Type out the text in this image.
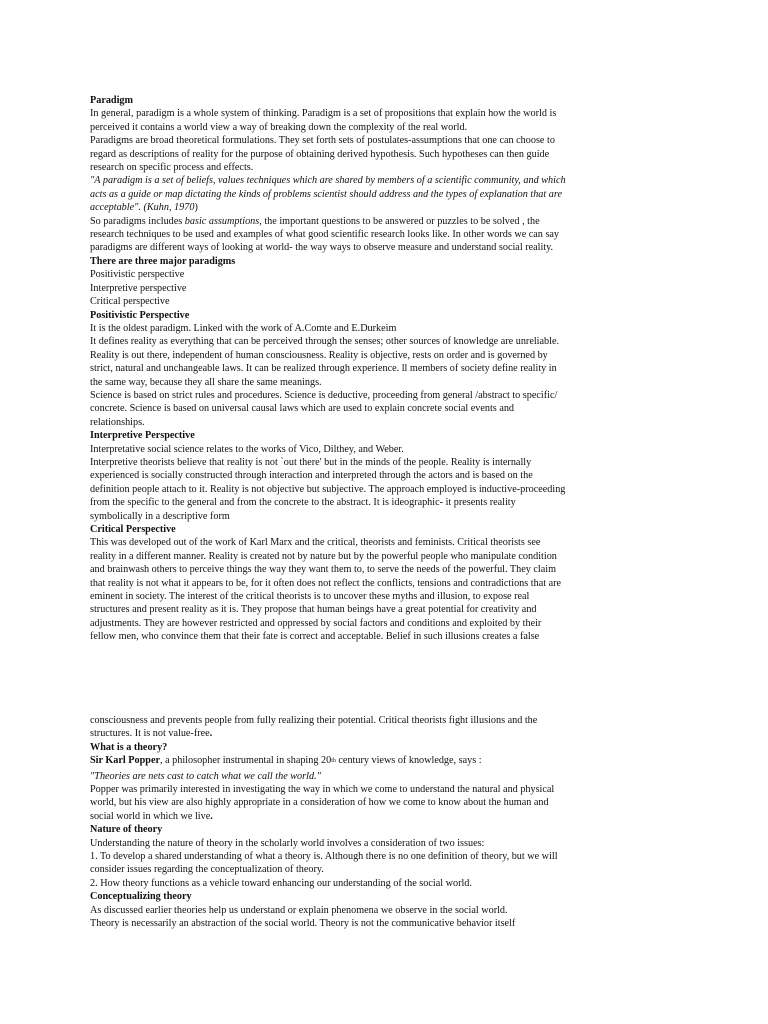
Paradigm

In general, paradigm is a whole system of thinking. Paradigm is a set of propositions that explain how the world is perceived it contains a world view a way of breaking down the complexity of the real world.

Paradigms are broad theoretical formulations. They set forth sets of postulates-assumptions that one can choose to regard as descriptions of reality for the purpose of obtaining derived hypothesis. Such hypotheses can then guide research on specific process and effects.

"A paradigm is a set of beliefs, values techniques which are shared by members of a scientific community, and which acts as a guide or map dictating the kinds of problems scientist should address and the types of explanation that are acceptable". (Kuhn, 1970)

So paradigms includes basic assumptions, the important questions to be answered or puzzles to be solved , the research techniques to be used and examples of what good scientific research looks like. In other words we can say paradigms are different ways of looking at world- the way ways to observe measure and understand social reality.

There are three major paradigms

Positivistic perspective

Interpretive perspective

Critical perspective

Positivistic Perspective

It is the oldest paradigm. Linked with the work of A.Comte and E.Durkeim

It defines reality as everything that can be perceived through the senses; other sources of knowledge are unreliable. Reality is out there, independent of human consciousness. Reality is objective, rests on order and is governed by strict, natural and unchangeable laws. It can be realized through experience. ll members of society define reality in the same way, because they all share the same meanings.

Science is based on strict rules and procedures. Science is deductive, proceeding from general /abstract to specific/ concrete. Science is based on universal causal laws which are used to explain concrete social events and relationships.

Interpretive Perspective

Interpretative social science relates to the works of Vico, Dilthey, and Weber.

Interpretive theorists believe that reality is not `out there' but in the minds of the people. Reality is internally experienced is socially constructed through interaction and interpreted through the actors and is based on the definition people attach to it. Reality is not objective but subjective. The approach employed is inductive-proceeding from the specific to the general and from the concrete to the abstract. It is ideographic- it presents reality symbolically in a descriptive form

Critical Perspective

This was developed out of the work of Karl Marx and the critical, theorists and feminists. Critical theorists see reality in a different manner. Reality is created not by nature but by the powerful people who manipulate condition and brainwash others to perceive things the way they want them to, to serve the needs of the powerful. They claim that reality is not what it appears to be, for it often does not reflect the conflicts, tensions and contradictions that are eminent in society. The interest of the critical theorists is to uncover these myths and illusion, to expose real structures and present reality as it is. They propose that human beings have a great potential for creativity and adjustments. They are however restricted and oppressed by social factors and conditions and exploited by their fellow men, who convince them that their fate is correct and acceptable. Belief in such illusions creates a false

consciousness and prevents people from fully realizing their potential. Critical theorists fight illusions and the structures. It is not value-free.

What is a theory?

Sir Karl Popper, a philosopher instrumental in shaping 20th century views of knowledge, says :

"Theories are nets cast to catch what we call the world."

Popper was primarily interested in investigating the way in which we come to understand the natural and physical world, but his view are also highly appropriate in a consideration of how we come to know about the human and social world in which we live.

Nature of theory

Understanding the nature of theory in the scholarly world involves a consideration of two issues:

1. To develop a shared understanding of what a theory is. Although there is no one definition of theory, but we will consider issues regarding the conceptualization of theory.

2. How theory functions as a vehicle toward enhancing our understanding of the social world.

Conceptualizing theory

As discussed earlier theories help us understand or explain phenomena we observe in the social world.

Theory is necessarily an abstraction of the social world. Theory is not the communicative behavior itself
